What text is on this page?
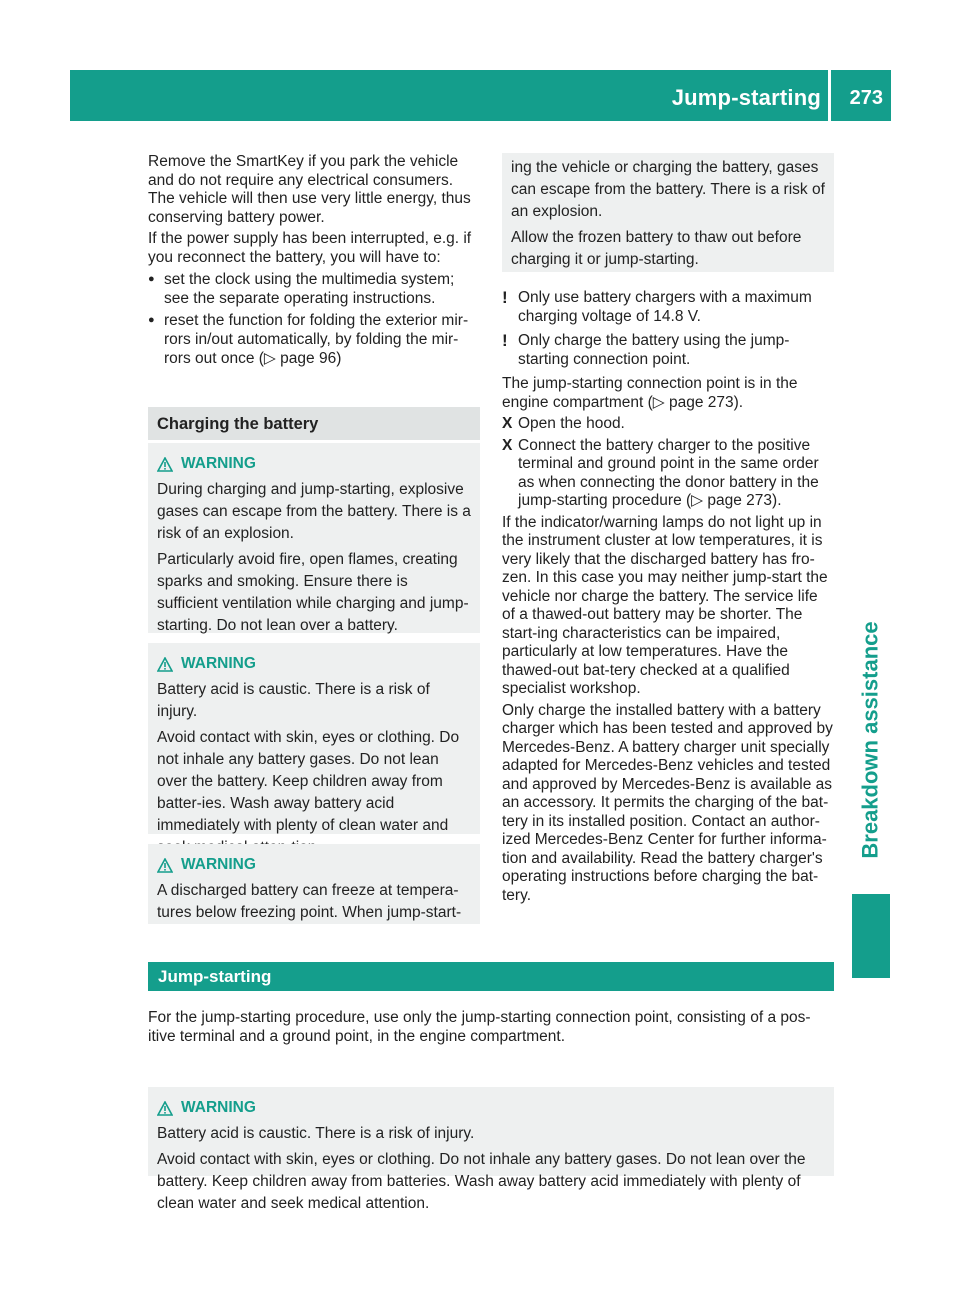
Jump-starting 273
Breakdown assistance

Remove the SmartKey if you park the vehicle and do not require any electrical consumers. The vehicle will then use very little energy, thus conserving battery power.

If the power supply has been interrupted, e.g. if you reconnect the battery, you will have to:

● set the clock using the multimedia system; see the separate operating instructions.
● reset the function for folding the exterior mir-rors in/out automatically, by folding the mir-rors out once (▷ page 96)
Charging the battery
WARNING

During charging and jump-starting, explosive gases can escape from the battery. There is a risk of an explosion.

Particularly avoid fire, open flames, creating sparks and smoking. Ensure there is sufficient ventilation while charging and jump-starting. Do not lean over a battery.

WARNING

Battery acid is caustic. There is a risk of injury.

Avoid contact with skin, eyes or clothing. Do not inhale any battery gases. Do not lean over the battery. Keep children away from batter-ies. Wash away battery acid immediately with plenty of clean water and

WARNING

A discharged battery can freeze at tempera-tures below freezing point. When jump-start-

ing the vehicle or charging the battery, gases can escape from the battery. There is a risk of an explosion.

Allow the frozen battery to thaw out before charging it or jump-starting.

! Only use battery chargers with a maximum charging voltage of 14.8 V.
! Only charge the battery using the jump-starting connection point.

The jump-starting connection point is in the engine compartment (▷ page 273).

X Open the hood.
X Connect the battery charger to the positive terminal and ground point in the same order as when connecting the donor battery in the jump-starting procedure (▷ page 273).

If the indicator/warning lamps do not light up in the instrument cluster at low temperatures, it is very likely that the discharged battery has fro-zen. In this case you may neither jump-start the vehicle nor charge the battery. The service life of a thawed-out battery may be shorter. The start-ing characteristics can be impaired, particularly at low temperatures. Have the thawed-out bat-tery checked at a qualified specialist workshop.

Only charge the installed battery with a battery charger which has been tested and approved by Mercedes-Benz. A battery charger unit specially adapted for Mercedes-Benz vehicles and tested and approved by Mercedes-Benz is available as an accessory. It permits the charging of the bat-tery in its installed position. Contact an author-ized Mercedes-Benz Center for further informa-tion and availability. Read the battery charger's operating instructions before charging the bat-tery.

Jump-starting

For the jump-starting procedure, use only the jump-starting connection point, consisting of a pos-itive terminal and a ground point, in the engine compartment.

WARNING

Battery acid is caustic. There is a risk of injury.

Avoid contact with skin, eyes or clothing. Do not inhale any battery gases. Do not lean over the battery. Keep children away from batteries. Wash away battery acid immediately with plenty of clean water and seek medical attention.
